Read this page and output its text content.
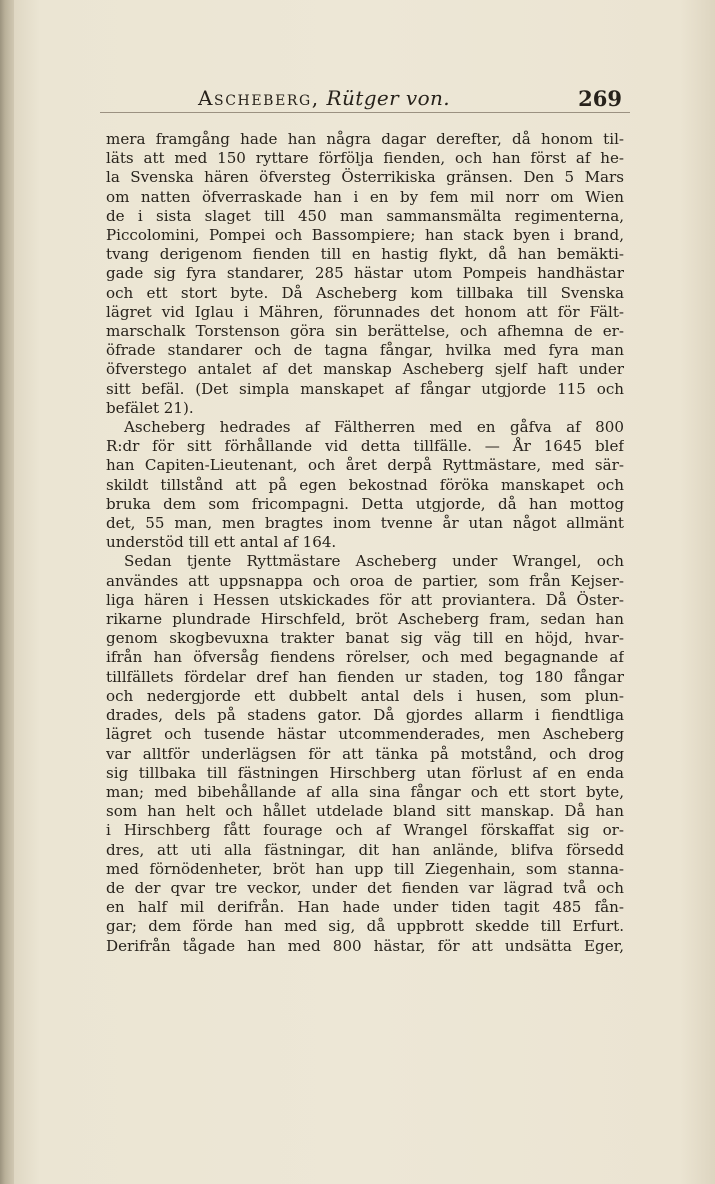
Ascheberg, Rütger von.	269
mera framgång hade han några dagar derefter, då honom til-
läts att med 150 ryttare förfölja fienden, och han först af he-
la Svenska hären öfversteg Österrikiska gränsen. Den 5 Mars
om natten öfverraskade han i en by fem mil norr om Wien
de i sista slaget till 450 man sammansmälta regimenterna,
Piccolomini, Pompei och Bassompiere; han stack byen i brand,
tvang derigenom fienden till en hastig flykt, då han bemäkti-
gade sig fyra standarer, 285 hästar utom Pompeis handhästar
och ett stort byte. Då Ascheberg kom tillbaka till Svenska
lägret vid Iglau i Mähren, förunnades det honom att för Fält-
marschalk Torstenson göra sin berättelse, och afhemna de er-
öfrade standarer och de tagna fångar, hvilka med fyra man
öfverstego antalet af det manskap Ascheberg sjelf haft under
sitt befäl. (Det simpla manskapet af fångar utgjorde 115 och
befälet 21).
Ascheberg hedrades af Fältherren med en gåfva af 800
R:dr för sitt förhållande vid detta tillfälle. — År 1645 blef
han Capiten-Lieutenant, och året derpå Ryttmästare, med sär-
skildt tillstånd att på egen bekostnad föröka manskapet och
bruka dem som fricompagni. Detta utgjorde, då han mottog
det, 55 man, men bragtes inom tvenne år utan något allmänt
understöd till ett antal af 164.
Sedan tjente Ryttmästare Ascheberg under Wrangel, och
användes att uppsnappa och oroa de partier, som från Kejser-
liga hären i Hessen utskickades för att proviantera. Då Öster-
rikarne plundrade Hirschfeld, bröt Ascheberg fram, sedan han
genom skogbevuxna trakter banat sig väg till en höjd, hvar-
ifrån han öfversåg fiendens rörelser, och med begagnande af
tillfällets fördelar dref han fienden ur staden, tog 180 fångar
och nedergjorde ett dubbelt antal dels i husen, som plun-
drades, dels på stadens gator. Då gjordes allarm i fiendtliga
lägret och tusende hästar utcommenderades, men Ascheberg
var alltför underlägsen för att tänka på motstånd, och drog
sig tillbaka till fästningen Hirschberg utan förlust af en enda
man; med bibehållande af alla sina fångar och ett stort byte,
som han helt och hållet utdelade bland sitt manskap. Då han
i Hirschberg fått fourage och af Wrangel förskaffat sig or-
dres, att uti alla fästningar, dit han anlände, blifva försedd
med förnödenheter, bröt han upp till Ziegenhain, som stanna-
de der qvar tre veckor, under det fienden var lägrad två och
en half mil derifrån. Han hade under tiden tagit 485 fån-
gar; dem förde han med sig, då uppbrott skedde till Erfurt.
Derifrån tågade han med 800 hästar, för att undsätta Eger,
